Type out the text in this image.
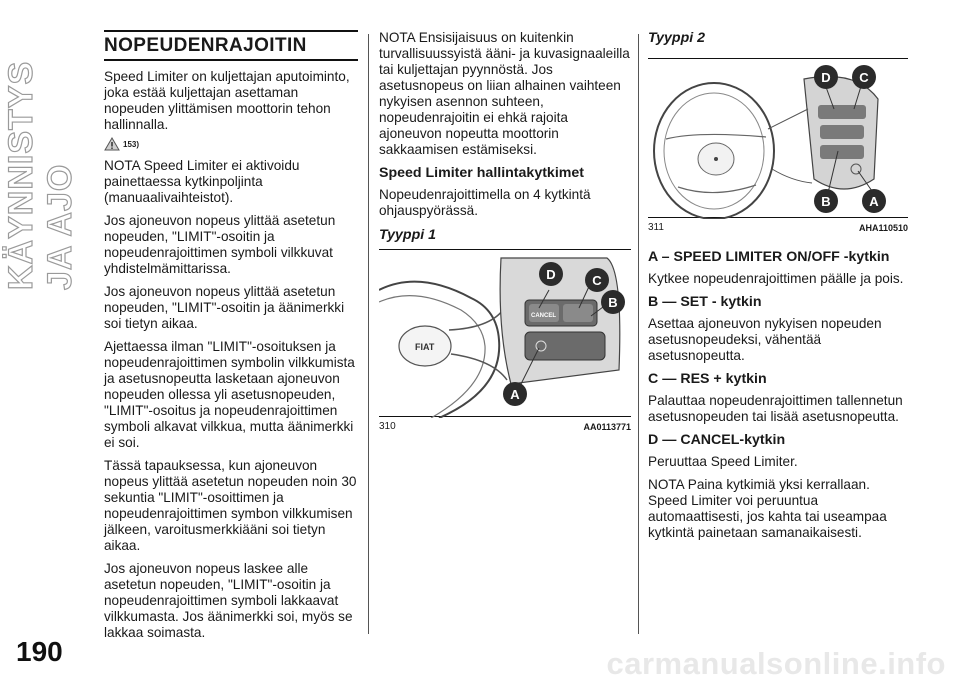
KÄYNNISTYS JA AJO
190	carmanualsonline.info
NOPEUDENRAJOITIN

Speed Limiter on kuljettajan aputoiminto, joka estää kuljettajan asettaman nopeuden ylittämisen moottorin tehon hallinnalla.

153)

NOTA Speed Limiter ei aktivoidu painettaessa kytkinpoljinta (manuaalivaihteistot).

Jos ajoneuvon nopeus ylittää asetetun nopeuden, "LIMIT"-osoitin ja nopeudenrajoittimen symboli vilkkuvat yhdistelmämittarissa.

Jos ajoneuvon nopeus ylittää asetetun nopeuden, "LIMIT"-osoitin ja äänimerkki soi tietyn aikaa.

Ajettaessa ilman "LIMIT"-osoituksen ja nopeudenrajoittimen symbolin vilkkumista ja asetusnopeutta lasketaan ajoneuvon nopeuden ollessa yli asetusnopeuden, "LIMIT"-osoitus ja nopeudenrajoittimen symboli alkavat vilkkua, mutta äänimerkki ei soi.

Tässä tapauksessa, kun ajoneuvon nopeus ylittää asetetun nopeuden noin 30 sekuntia "LIMIT"-osoittimen ja nopeudenrajoittimen symbon vilkkumisen jälkeen, varoitusmerkkiääni soi tietyn aikaa.

Jos ajoneuvon nopeus laskee alle asetetun nopeuden, "LIMIT"-osoitin ja nopeudenrajoittimen symboli lakkaavat vilkkumasta. Jos äänimerkki soi, myös se lakkaa soimasta.

NOTA Ensisijaisuus on kuitenkin turvallisuussyistä ääni- ja kuvasignaaleilla tai kuljettajan pyynnöstä. Jos asetusnopeus on liian alhainen vaihteen nykyisen asennon suhteen, nopeudenrajoitin ei ehkä rajoita ajoneuvon nopeutta moottorin sakkaamisen estämiseksi.

Speed Limiter hallintakytkimet

Nopeudenrajoittimella on 4 kytkintä ohjauspyörässä.

Tyyppi 1
FIAT
CANCEL
D	C
B
A
310	AA0113771
Tyyppi 2
D C
B	A
311	AHA110510
A – SPEED LIMITER ON/OFF -kytkin

Kytkee nopeudenrajoittimen päälle ja pois.

B — SET - kytkin

Asettaa ajoneuvon nykyisen nopeuden asetusnopeudeksi, vähentää asetusnopeutta.

C — RES + kytkin

Palauttaa nopeudenrajoittimen tallennetun asetusnopeuden tai lisää asetusnopeutta.

D — CANCEL-kytkin

Peruuttaa Speed Limiter.

NOTA Paina kytkimiä yksi kerrallaan. Speed Limiter voi peruuntua automaattisesti, jos kahta tai useampaa kytkintä painetaan samanaikaisesti.
